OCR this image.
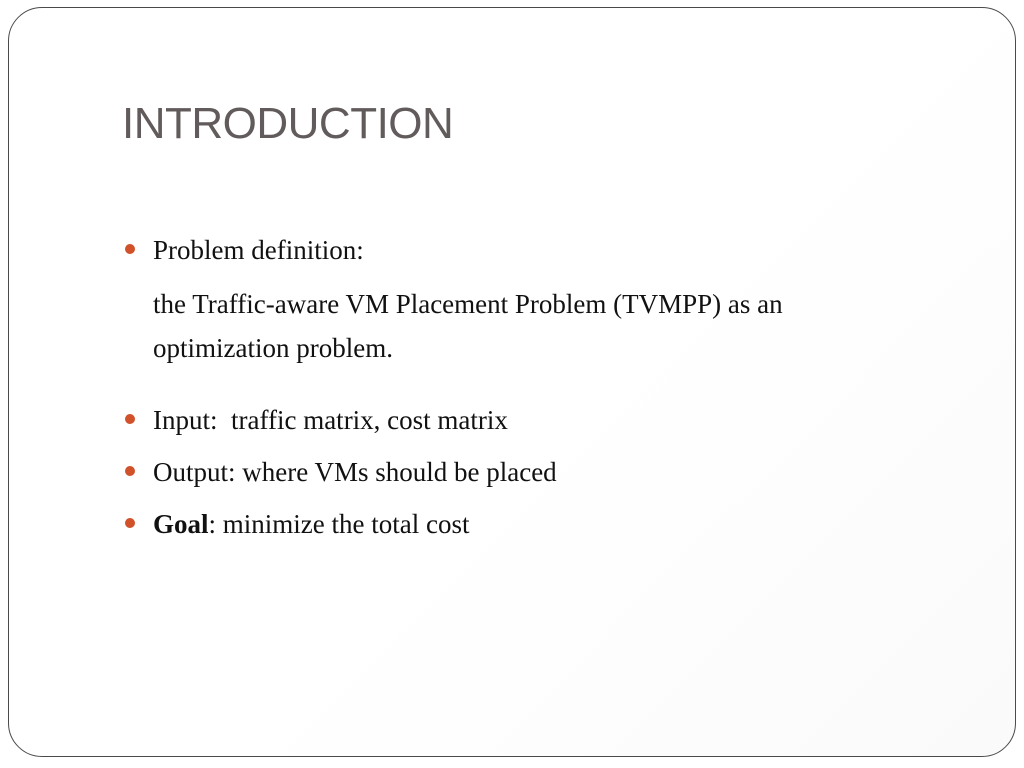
INTRODUCTION
Problem definition:

the Traffic-aware VM Placement Problem (TVMPP) as an

optimization problem.

Input:  traffic matrix, cost matrix
Output: where VMs should be placed
Goal: minimize the total cost
